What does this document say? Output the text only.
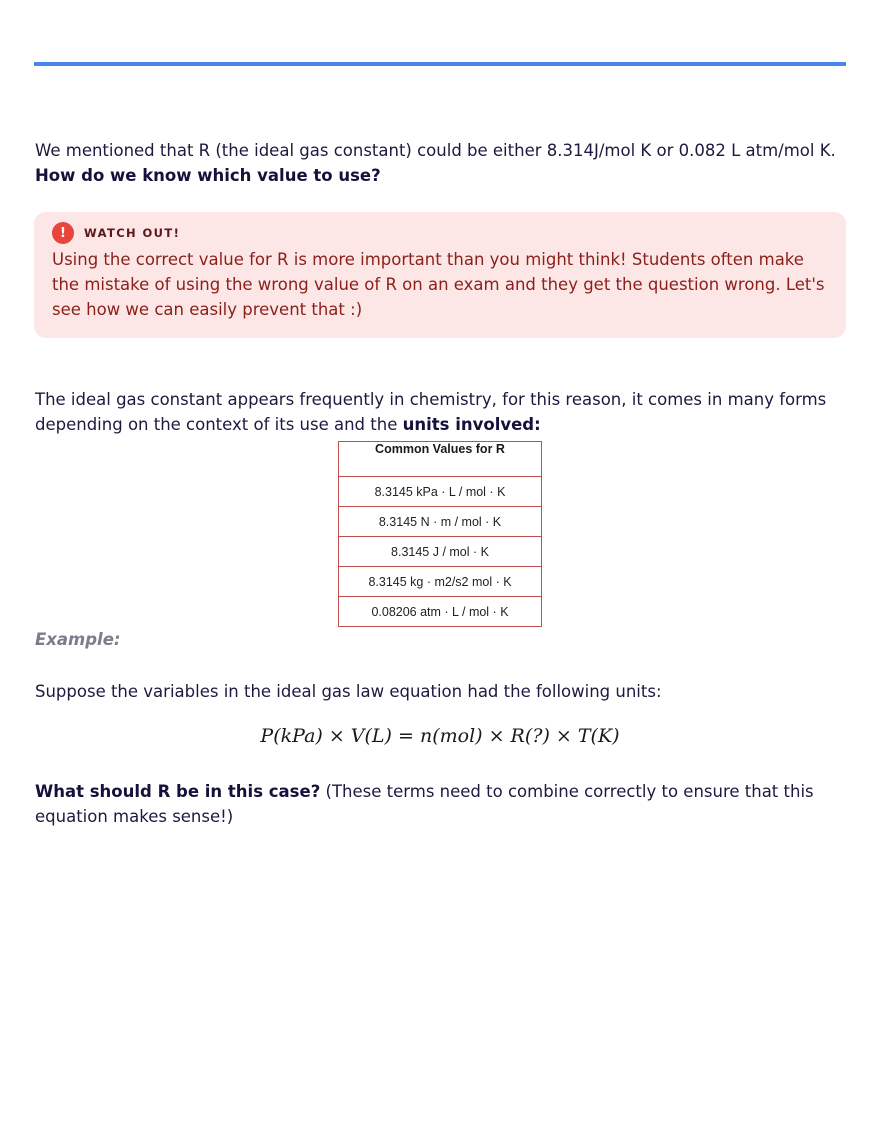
We mentioned that R (the ideal gas constant) could be either 8.314J/mol K or 0.082 L atm/mol K. How do we know which value to use?

!	WATCH OUT!

Using the correct value for R is more important than you might think! Students often make the mistake of using the wrong value of R on an exam and they get the question wrong. Let's see how we can easily prevent that :)

The ideal gas constant appears frequently in chemistry, for this reason, it comes in many forms depending on the context of its use and the units involved:

Common Values for R
8.3145 kPa · L / mol · K
8.3145 N · m / mol · K
8.3145 J / mol · K
8.3145 kg · m2/s2 mol · K
0.08206 atm · L / mol · K

Example:

Suppose the variables in the ideal gas law equation had the following units:

P(kPa) × V(L) = n(mol) × R(?) × T(K)

What should R be in this case? (These terms need to combine correctly to ensure that this equation makes sense!)
